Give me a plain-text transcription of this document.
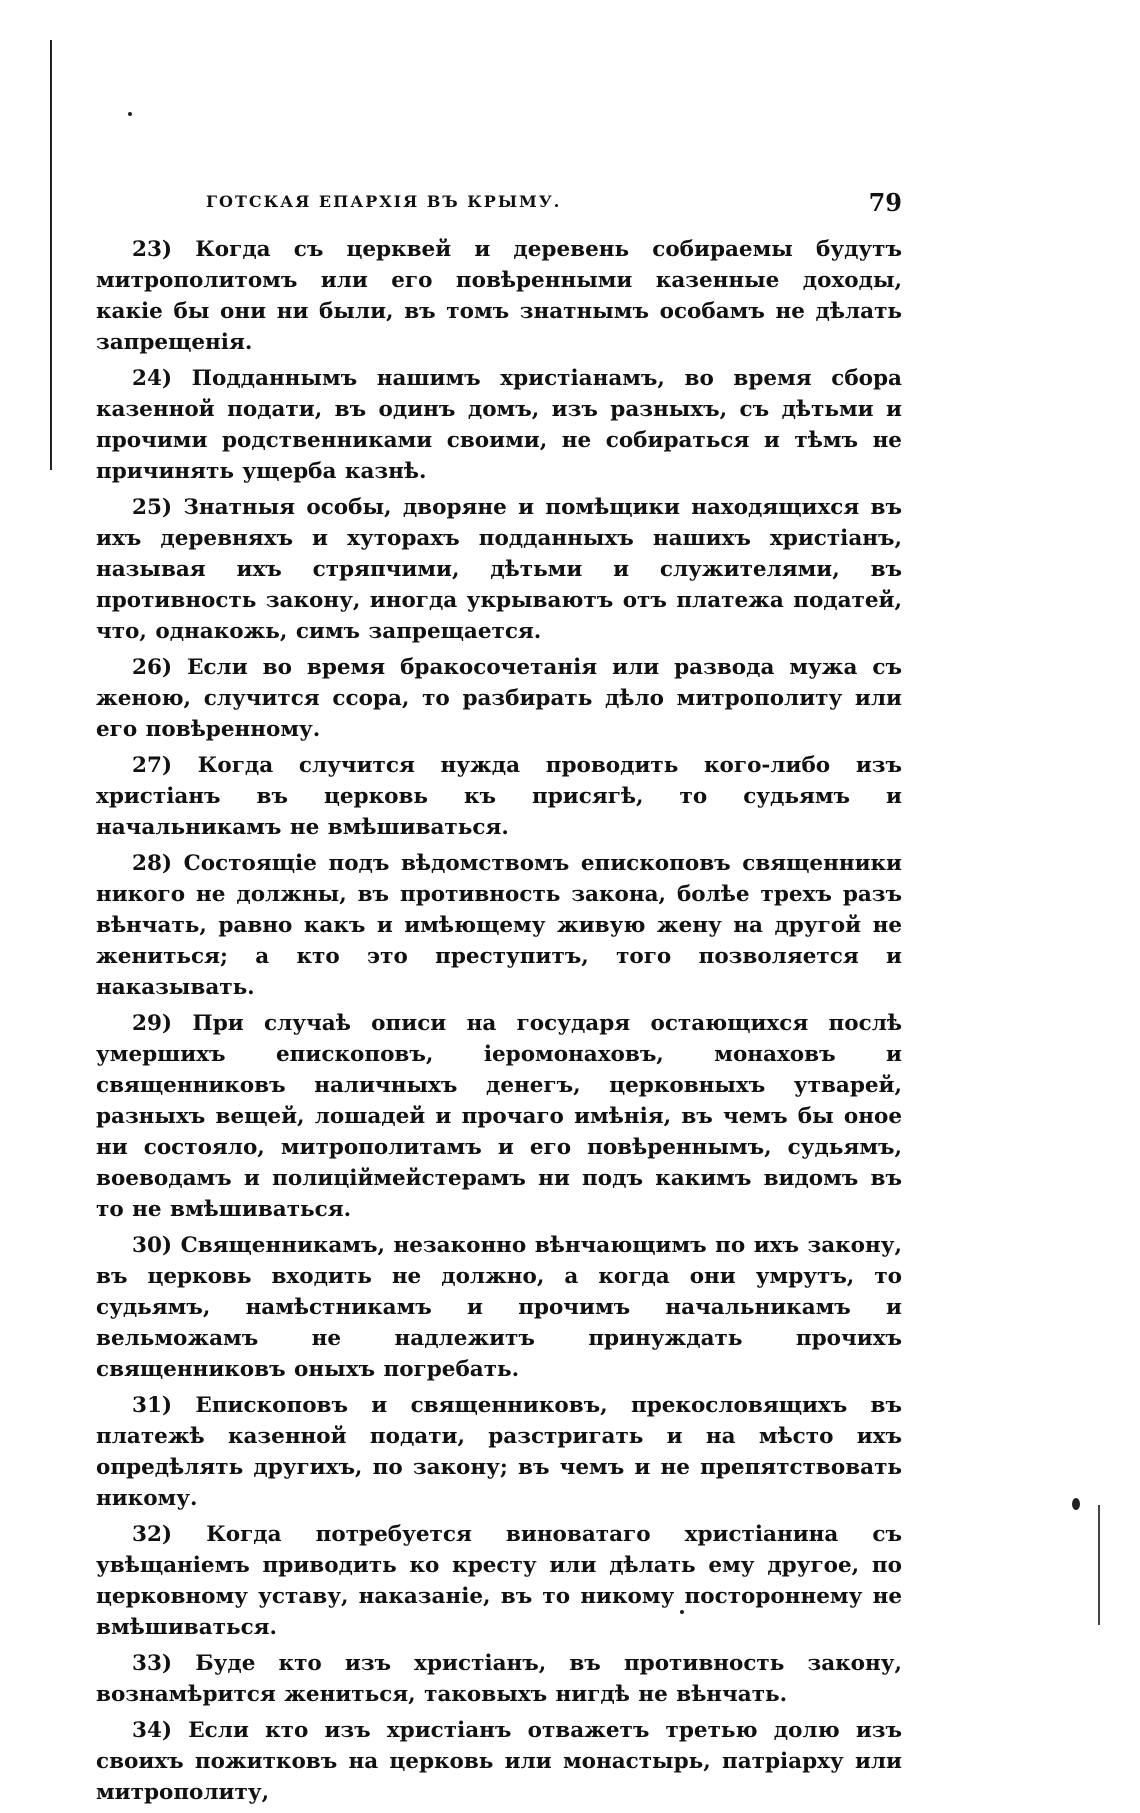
ГОТСКАЯ ЕПАРХІЯ ВЪ КРЫМУ.	79

23) Когда съ церквей и деревень собираемы будутъ митрополитомъ или его повѣренными казенные доходы, какіе бы они ни были, въ томъ знатнымъ особамъ не дѣлать запрещенія.

24) Подданнымъ нашимъ христіанамъ, во время сбора казенной подати, въ одинъ домъ, изъ разныхъ, съ дѣтьми и прочими родственниками своими, не собираться и тѣмъ не причинять ущерба казнѣ.

25) Знатныя особы, дворяне и помѣщики находящихся въ ихъ деревняхъ и хуторахъ подданныхъ нашихъ христіанъ, называя ихъ стряпчими, дѣтьми и служителями, въ противность закону, иногда укрываютъ отъ платежа податей, что, однакожь, симъ запрещается.

26) Если во время бракосочетанія или развода мужа съ женою, случится ссора, то разбирать дѣло митрополиту или его повѣренному.

27) Когда случится нужда проводить кого-либо изъ христіанъ въ церковь къ присягѣ, то судьямъ и начальникамъ не вмѣшиваться.

28) Состоящіе подъ вѣдомствомъ епископовъ священники никого не должны, въ противность закона, болѣе трехъ разъ вѣнчать, равно какъ и имѣющему живую жену на другой не жениться; а кто это преступитъ, того позволяется и наказывать.

29) При случаѣ описи на государя остающихся послѣ умершихъ епископовъ, іеромонаховъ, монаховъ и священниковъ наличныхъ денегъ, церковныхъ утварей, разныхъ вещей, лошадей и прочаго имѣнія, въ чемъ бы оное ни состояло, митрополитамъ и его повѣреннымъ, судьямъ, воеводамъ и полиціймейстерамъ ни подъ какимъ видомъ въ то не вмѣшиваться.

30) Священникамъ, незаконно вѣнчающимъ по ихъ закону, въ церковь входить не должно, а когда они умрутъ, то судьямъ, намѣстникамъ и прочимъ начальникамъ и вельможамъ не надлежитъ принуждать прочихъ священниковъ оныхъ погребать.

31) Епископовъ и священниковъ, прекословящихъ въ платежѣ казенной подати, разстригать и на мѣсто ихъ опредѣлять другихъ, по закону; въ чемъ и не препятствовать никому.

32) Когда потребуется виноватаго христіанина съ увѣщаніемъ приводить ко кресту или дѣлать ему другое, по церковному уставу, наказаніе, въ то никому постороннему не вмѣшиваться.

33) Буде кто изъ христіанъ, въ противность закону, вознамѣрится жениться, таковыхъ нигдѣ не вѣнчать.

34) Если кто изъ христіанъ отважетъ третью долю изъ своихъ пожитковъ на церковь или монастырь, патріарху или митрополиту,
